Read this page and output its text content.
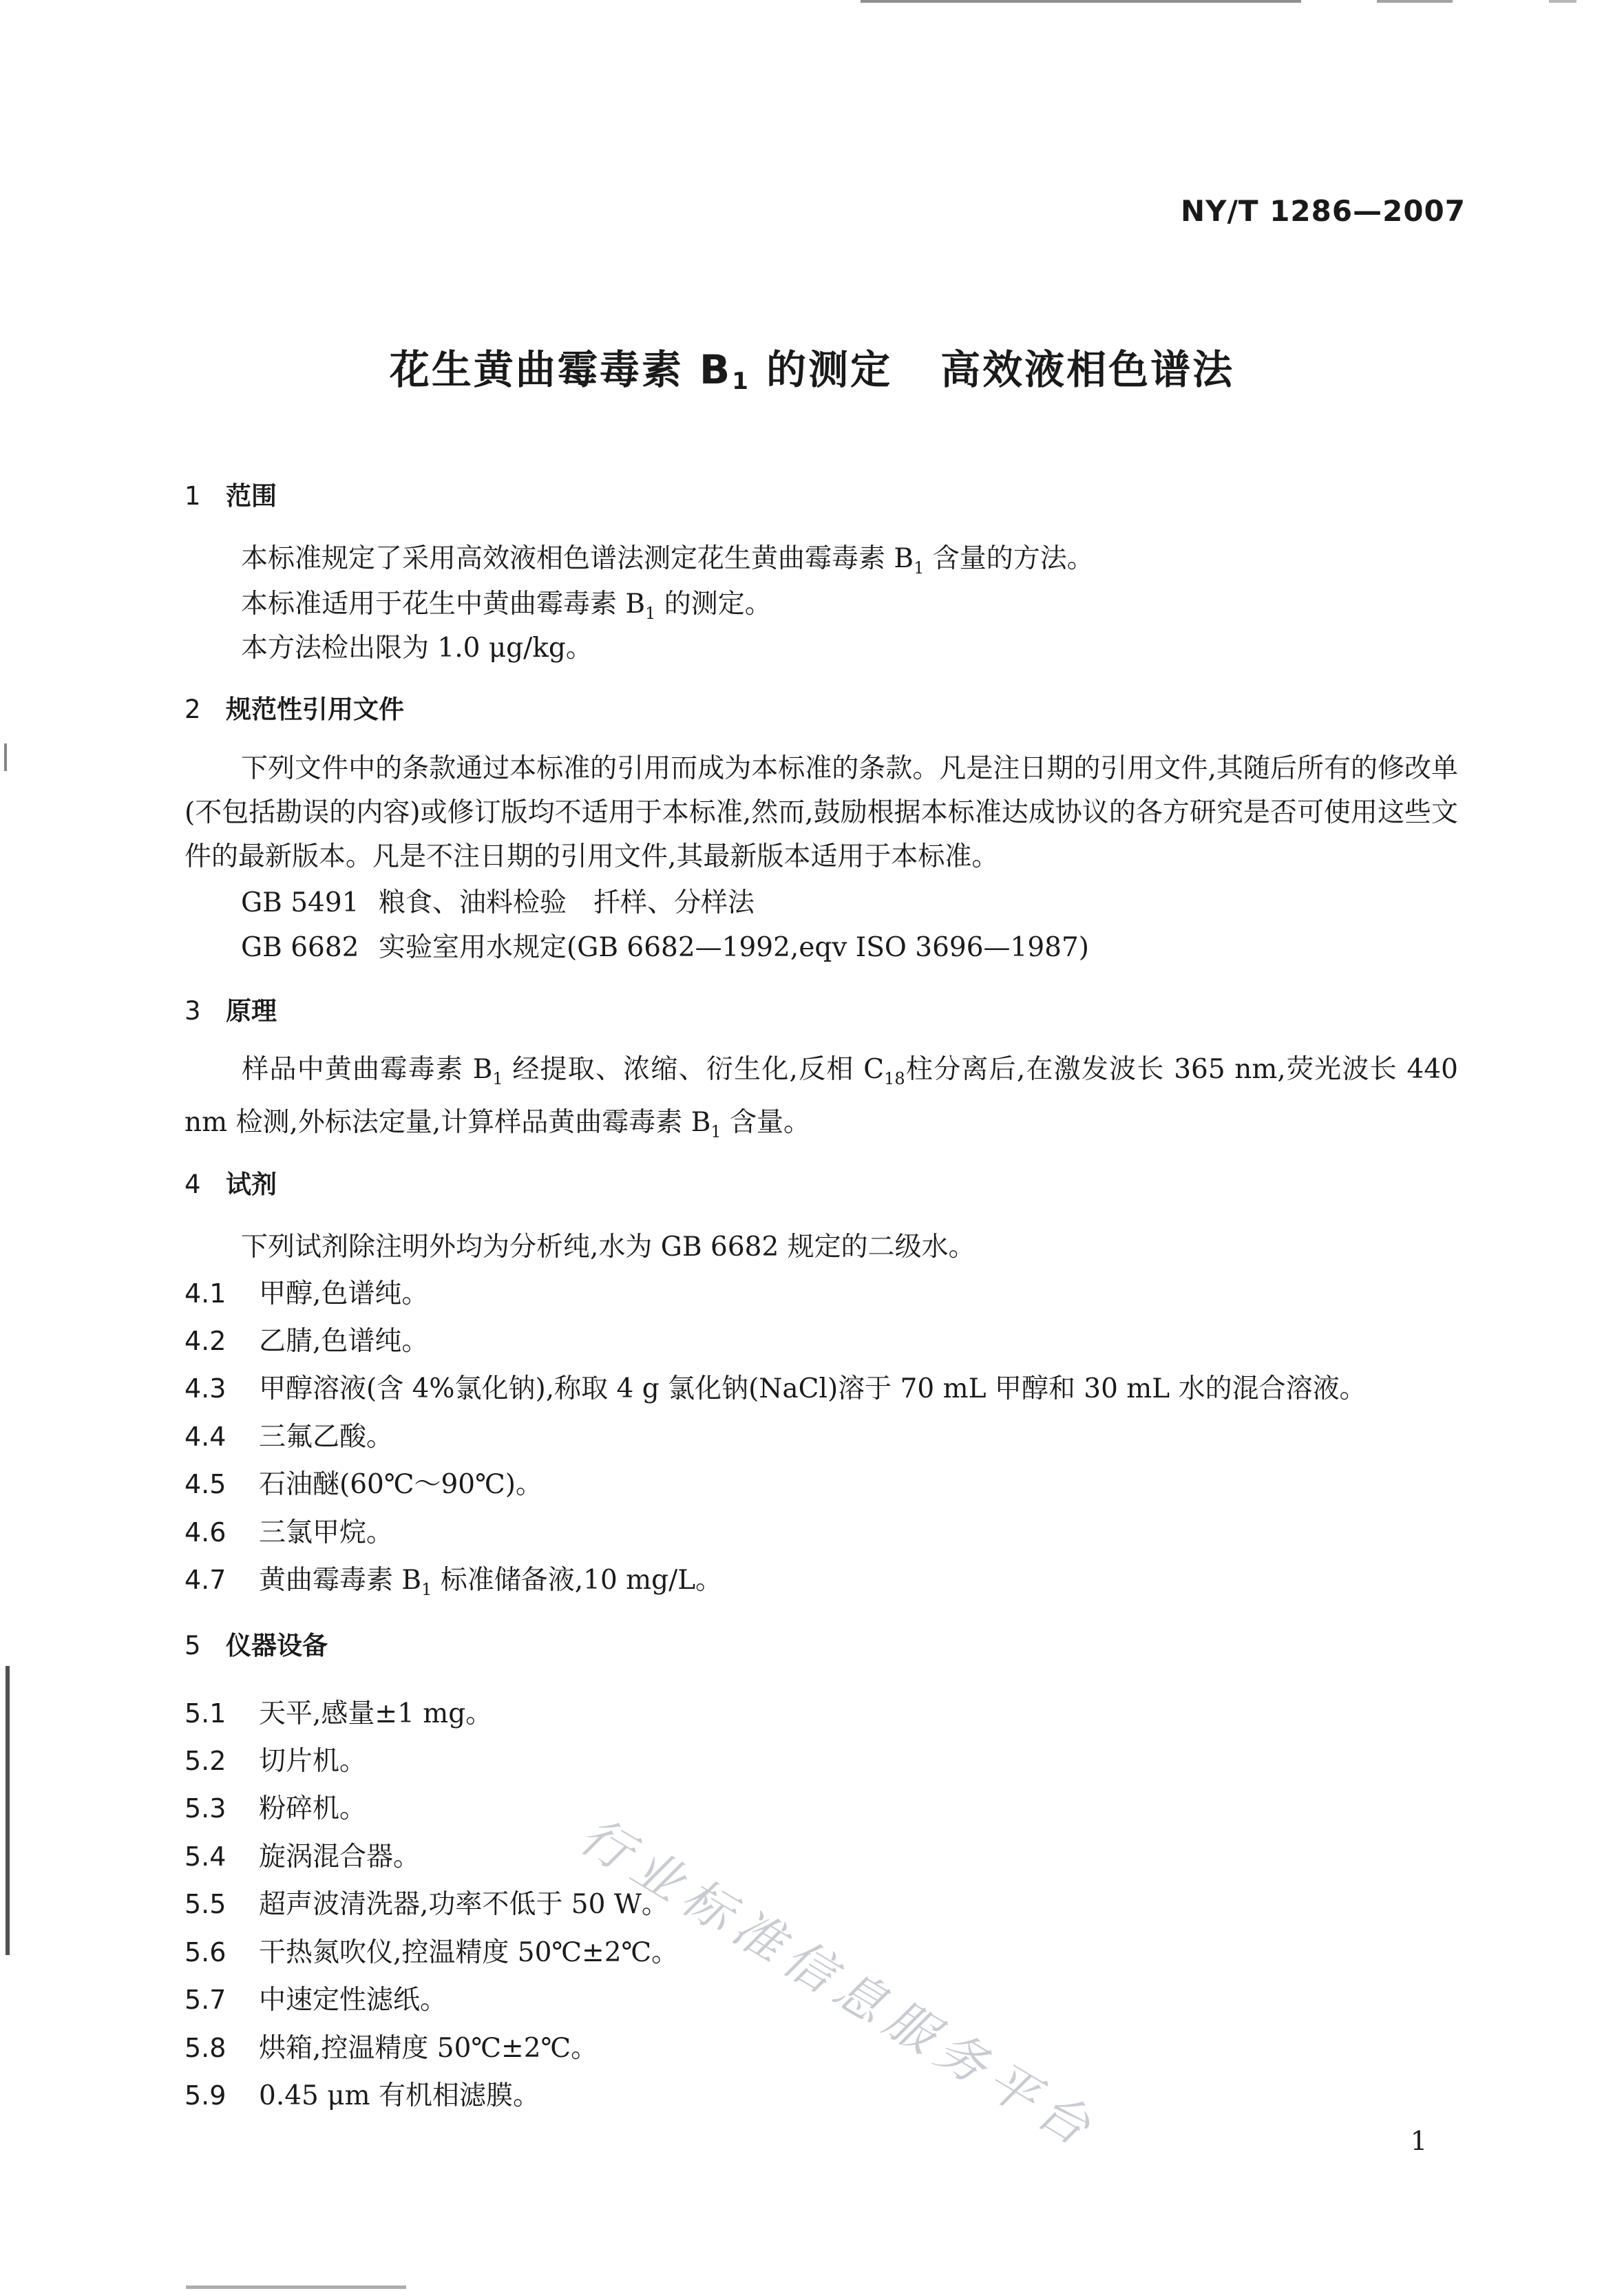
NY/T 1286—2007
花生黄曲霉毒素 $B_1$ 的测定 高效液相色谱法
1 范围
本标准规定了采用高效液相色谱法测定花生黄曲霉毒素 $B_1$ 含量的方法。
本标准适用于花生中黄曲霉毒素 $B_1$ 的测定。
本方法检出限为 1.0 μg/kg。
2 规范性引用文件
下列文件中的条款通过本标准的引用而成为本标准的条款。凡是注日期的引用文件,其随后所有的修改单(不包括勘误的内容)或修订版均不适用于本标准,然而,鼓励根据本标准达成协议的各方研究是否可使用这些文件的最新版本。凡是不注日期的引用文件,其最新版本适用于本标准。
GB 5491 粮食、油料检验　扦样、分样法
GB 6682 实验室用水规定(GB 6682—1992,eqv ISO 3696—1987)
3 原理
样品中黄曲霉毒素 $B_1$ 经提取、浓缩、衍生化,反相 $C_{18}$柱分离后,在激发波长 365 nm,荧光波长 440 nm 检测,外标法定量,计算样品黄曲霉毒素 $B_1$ 含量。
4 试剂
下列试剂除注明外均为分析纯,水为 GB 6682 规定的二级水。
4.1 甲醇,色谱纯。
4.2 乙腈,色谱纯。
4.3 甲醇溶液(含 4%氯化钠),称取 4 g 氯化钠(NaCl)溶于 70 mL 甲醇和 30 mL 水的混合溶液。
4.4 三氟乙酸。
4.5 石油醚(60℃～90℃)。
4.6 三氯甲烷。
4.7 黄曲霉毒素 $B_1$ 标准储备液,10 mg/L。
5 仪器设备
5.1 天平,感量±1 mg。
5.2 切片机。
5.3 粉碎机。
5.4 旋涡混合器。
5.5 超声波清洗器,功率不低于 50 W。
5.6 干热氮吹仪,控温精度 50℃±2℃。
5.7 中速定性滤纸。
5.8 烘箱,控温精度 50℃±2℃。
5.9 0.45 μm 有机相滤膜。 行业标准信息服务平台	1
